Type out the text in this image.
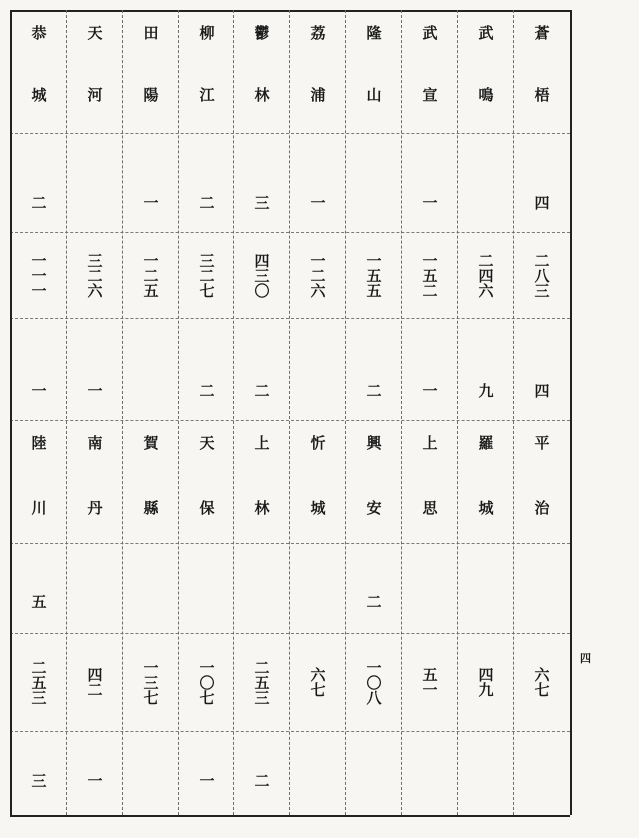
恭
城
二
一一一
一
陸
川
五
二五三
三
天
河
三二六
一
南
丹
四二
一
田
陽
一
一二五
賀
縣
一三七
柳
江
二
三二七
二
天
保
一〇七
一
鬱
林
三
四三〇
二
上
林
二五三
二
荔
浦
一
一二六
忻
城
六七
隆
山
一五五
二
興
安
二
一〇八
武
宣
一
一五二
一
上
思
五一
武
鳴
二四六
九
羅
城
四九
蒼
梧
四
二八三
四
平
治
六七
四
